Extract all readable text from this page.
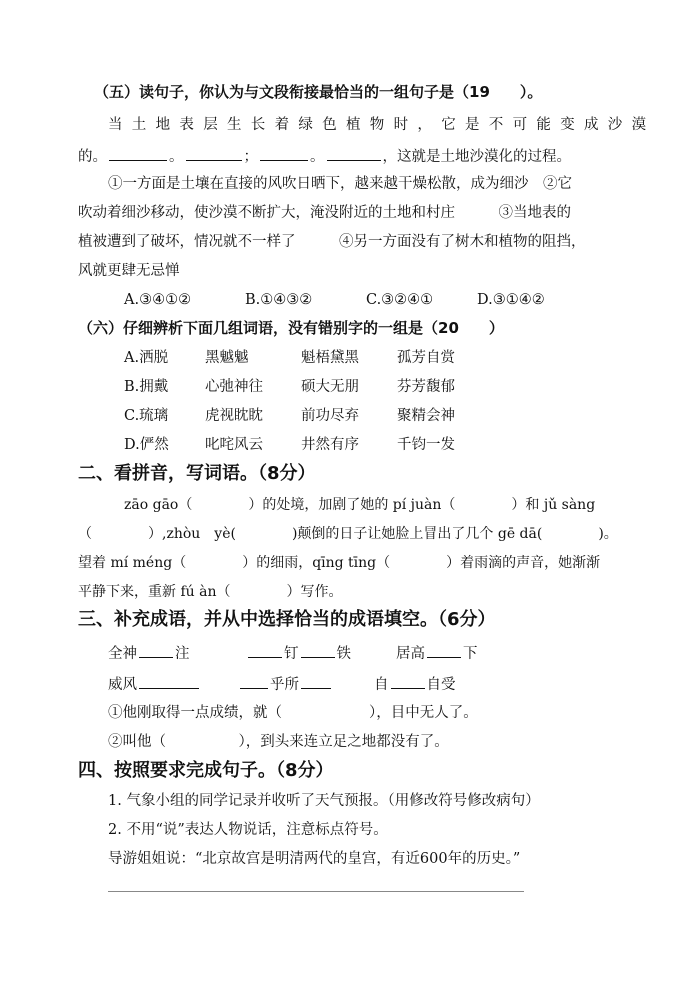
（五）读句子，你认为与文段衔接最恰当的一组句子是（19　　）。
当土地表层生长着绿色植物时，它是不可能变成沙漠
的。	。	；	。	，这就是土地沙漠化的过程。
①一方面是土壤在直接的风吹日晒下，越来越干燥松散，成为细沙　②它
吹动着细沙移动，使沙漠不断扩大，淹没附近的土地和村庄　　　③当地表的
植被遭到了破坏，情况就不一样了　　　④另一方面没有了树木和植物的阻挡，
风就更肆无忌惮
A.③④①②	B.①④③②	C.③②④①	D.③①④②
（六）仔细辨析下面几组词语，没有错别字的一组是（20　　）
A.洒脱	黑魆魆	魁梧黛黑	孤芳自赏
B.拥戴	心弛神往	硕大无朋	芬芳馥郁
C.琉璃	虎视眈眈	前功尽弃	聚精会神
D.俨然	叱咤风云	井然有序	千钧一发
二、看拼音，写词语。（8分）
zāo gāo（　　　　）的处境，加剧了她的 pí juàn（　　　　）和 jǔ sàng
（　　　　）,zhòu　yè(　　　　)颠倒的日子让她脸上冒出了几个 gē dā(　　　　)。
望着 mí méng（　　　　）的细雨，qīng tīng（　　　　）着雨滴的声音，她渐渐
平静下来，重新 fú àn（　　　　）写作。
三、补充成语，并从中选择恰当的成语填空。（6分）
全神	注	钉	铁	居高	下
威风	乎所	自	自受
①他刚取得一点成绩，就（　　　　　　），目中无人了。
②叫他（　　　　　），到头来连立足之地都没有了。
四、按照要求完成句子。（8分）
1. 气象小组的同学记录并收听了天气预报。（用修改符号修改病句）
2. 不用“说”表达人物说话，注意标点符号。
导游姐姐说：“北京故宫是明清两代的皇宫，有近600年的历史。”
